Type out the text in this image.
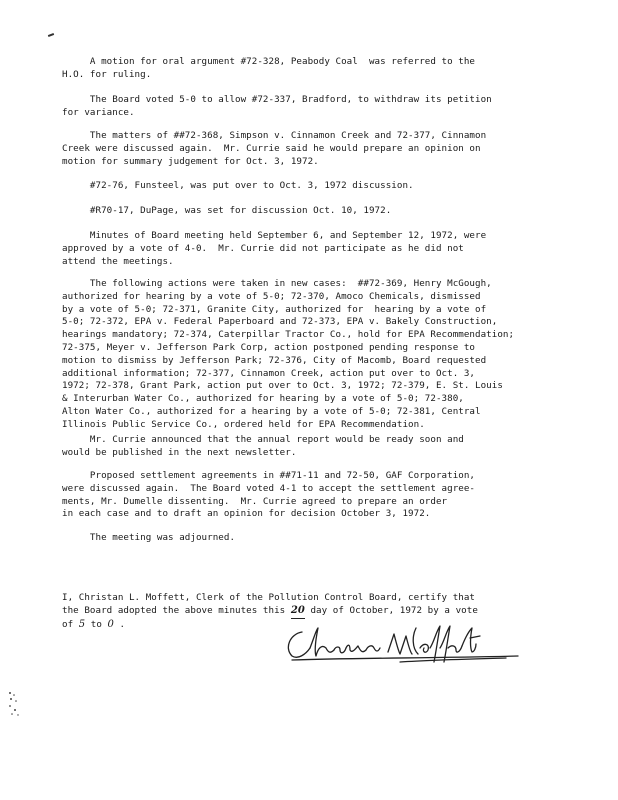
A motion for oral argument #72-328, Peabody Coal  was referred to the
H.O. for ruling.
The Board voted 5-0 to allow #72-337, Bradford, to withdraw its petition
for variance.
The matters of ##72-368, Simpson v. Cinnamon Creek and 72-377, Cinnamon
Creek were discussed again.  Mr. Currie said he would prepare an opinion on
motion for summary judgement for Oct. 3, 1972.
#72-76, Funsteel, was put over to Oct. 3, 1972 discussion.
#R70-17, DuPage, was set for discussion Oct. 10, 1972.
Minutes of Board meeting held September 6, and September 12, 1972, were
approved by a vote of 4-0.  Mr. Currie did not participate as he did not
attend the meetings.
The following actions were taken in new cases:  ##72-369, Henry McGough,
authorized for hearing by a vote of 5-0; 72-370, Amoco Chemicals, dismissed
by a vote of 5-0; 72-371, Granite City, authorized for  hearing by a vote of
5-0; 72-372, EPA v. Federal Paperboard and 72-373, EPA v. Bakely Construction,
hearings mandatory; 72-374, Caterpillar Tractor Co., hold for EPA Recommendation;
72-375, Meyer v. Jefferson Park Corp, action postponed pending response to
motion to dismiss by Jefferson Park; 72-376, City of Macomb, Board requested
additional information; 72-377, Cinnamon Creek, action put over to Oct. 3,
1972; 72-378, Grant Park, action put over to Oct. 3, 1972; 72-379, E. St. Louis
& Interurban Water Co., authorized for hearing by a vote of 5-0; 72-380,
Alton Water Co., authorized for a hearing by a vote of 5-0; 72-381, Central
Illinois Public Service Co., ordered held for EPA Recommendation.
Mr. Currie announced that the annual report would be ready soon and
would be published in the next newsletter.
Proposed settlement agreements in ##71-11 and 72-50, GAF Corporation,
were discussed again.  The Board voted 4-1 to accept the settlement agree-
ments, Mr. Dumelle dissenting.  Mr. Currie agreed to prepare an order
in each case and to draft an opinion for decision October 3, 1972.
The meeting was adjourned.
I, Christan L. Moffett, Clerk of the Pollution Control Board, certify that
the Board adopted the above minutes this 20 day of October, 1972 by a vote
of 5 to 0 .
